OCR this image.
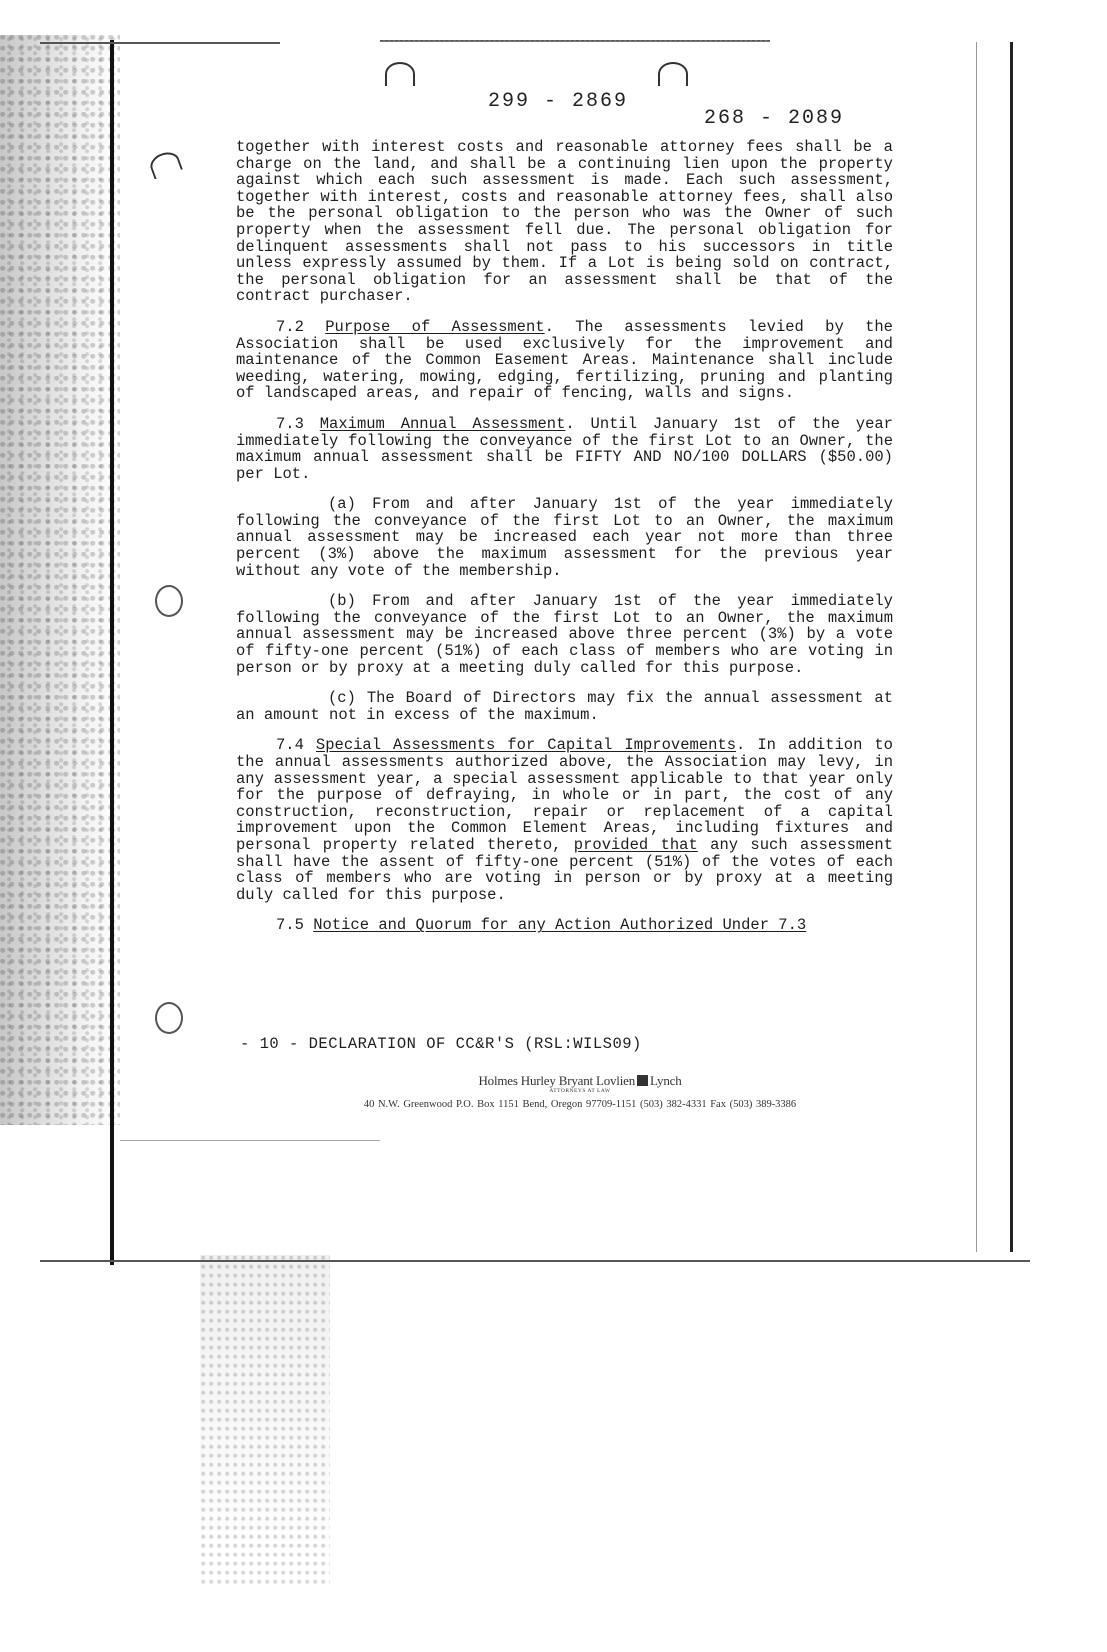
299 - 2869
268 - 2089

together with interest costs and reasonable attorney fees shall be a charge on the land, and shall be a continuing lien upon the property against which each such assessment is made. Each such assessment, together with interest, costs and reasonable attorney fees, shall also be the personal obligation to the person who was the Owner of such property when the assessment fell due. The personal obligation for delinquent assessments shall not pass to his successors in title unless expressly assumed by them. If a Lot is being sold on contract, the personal obligation for an assessment shall be that of the contract purchaser.

7.2 Purpose of Assessment. The assessments levied by the Association shall be used exclusively for the improvement and maintenance of the Common Easement Areas. Maintenance shall include weeding, watering, mowing, edging, fertilizing, pruning and planting of landscaped areas, and repair of fencing, walls and signs.

7.3 Maximum Annual Assessment. Until January 1st of the year immediately following the conveyance of the first Lot to an Owner, the maximum annual assessment shall be FIFTY AND NO/100 DOLLARS ($50.00) per Lot.

(a) From and after January 1st of the year immediately following the conveyance of the first Lot to an Owner, the maximum annual assessment may be increased each year not more than three percent (3%) above the maximum assessment for the previous year without any vote of the membership.

(b) From and after January 1st of the year immediately following the conveyance of the first Lot to an Owner, the maximum annual assessment may be increased above three percent (3%) by a vote of fifty-one percent (51%) of each class of members who are voting in person or by proxy at a meeting duly called for this purpose.

(c) The Board of Directors may fix the annual assessment at an amount not in excess of the maximum.

7.4 Special Assessments for Capital Improvements. In addition to the annual assessments authorized above, the Association may levy, in any assessment year, a special assessment applicable to that year only for the purpose of defraying, in whole or in part, the cost of any construction, reconstruction, repair or replacement of a capital improvement upon the Common Element Areas, including fixtures and personal property related thereto, provided that any such assessment shall have the assent of fifty-one percent (51%) of the votes of each class of members who are voting in person or by proxy at a meeting duly called for this purpose.

7.5 Notice and Quorum for any Action Authorized Under 7.3

- 10 - DECLARATION OF CC&R'S (RSL:WILS09)
Holmes Hurley Bryant Lovlien Lynch
ATTORNEYS AT LAW
40 N.W. Greenwood P.O. Box 1151 Bend, Oregon 97709-1151 (503) 382-4331 Fax (503) 389-3386
